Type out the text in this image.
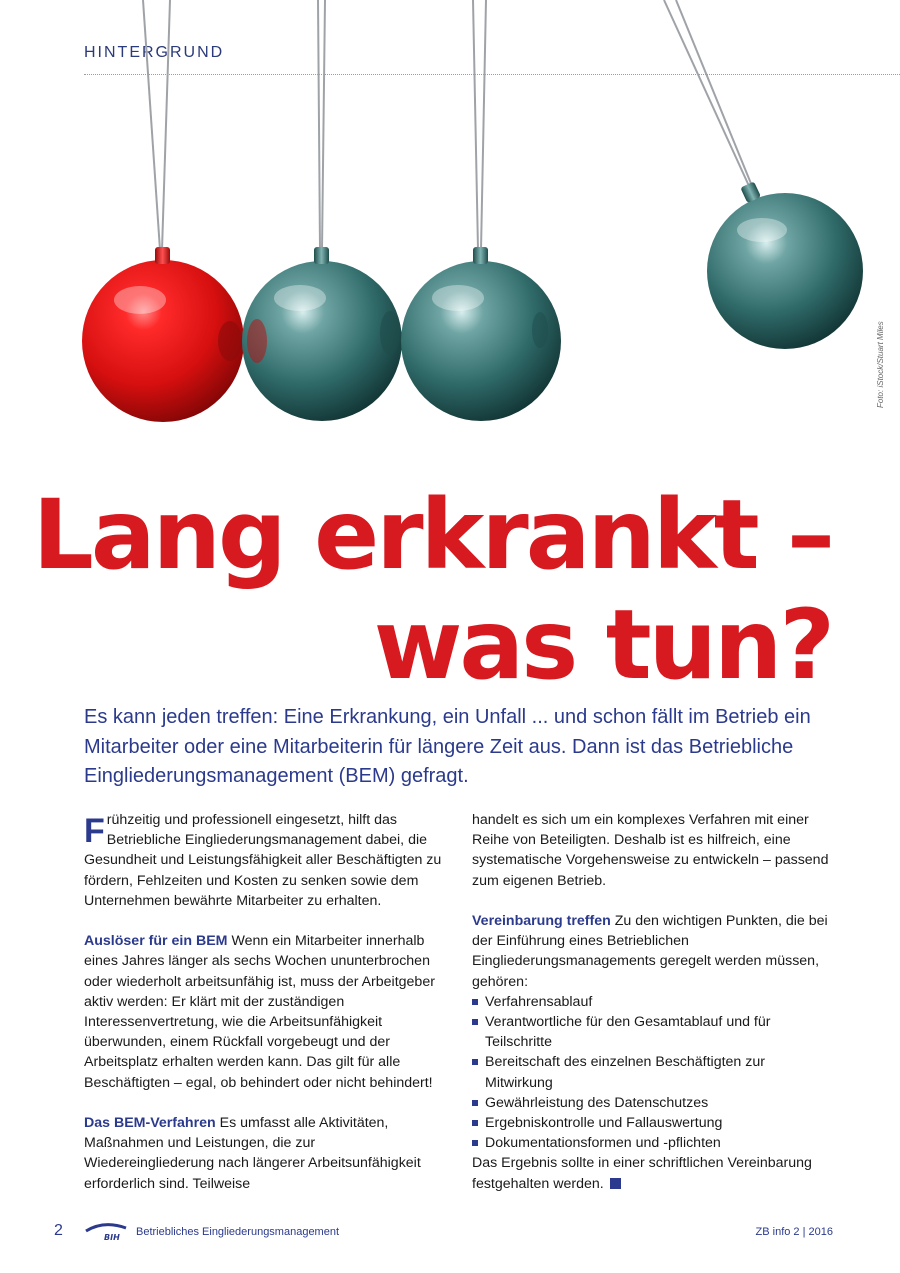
HINTERGRUND
Foto: iStock/Stuart Miles
Lang erkrankt –
was tun?

Es kann jeden treffen: Eine Erkrankung, ein Unfall ... und schon fällt im Betrieb ein Mitarbeiter oder eine Mitarbeiterin für längere Zeit aus. Dann ist das Betriebliche Eingliederungsmanagement (BEM) gefragt.

Frühzeitig und professionell eingesetzt, hilft das Betriebliche Eingliederungsmanagement dabei, die Gesundheit und Leistungsfähigkeit aller Beschäftigten zu fördern, Fehlzeiten und Kosten zu senken sowie dem Unternehmen bewährte Mitarbeiter zu erhalten.

Auslöser für ein BEM Wenn ein Mitarbeiter innerhalb eines Jahres länger als sechs Wochen ununterbrochen oder wiederholt arbeitsunfähig ist, muss der Arbeitgeber aktiv werden: Er klärt mit der zuständigen Interessenvertretung, wie die Arbeitsunfähigkeit überwunden, einem Rückfall vorgebeugt und der Arbeitsplatz erhalten werden kann. Das gilt für alle Beschäftigten – egal, ob behindert oder nicht behindert!

Das BEM-Verfahren Es umfasst alle Aktivitäten, Maßnahmen und Leistungen, die zur Wiedereingliederung nach längerer Arbeitsunfähigkeit erforderlich sind. Teilweise

handelt es sich um ein komplexes Verfahren mit einer Reihe von Beteiligten. Deshalb ist es hilfreich, eine systematische Vorgehensweise zu entwickeln – passend zum eigenen Betrieb.

Vereinbarung treffen Zu den wichtigen Punkten, die bei der Einführung eines Betrieblichen Eingliederungsmanagements geregelt werden müssen, gehören:
Verfahrensablauf
Verantwortliche für den Gesamtablauf und für Teilschritte
Bereitschaft des einzelnen Beschäftigten zur Mitwirkung
Gewährleistung des Datenschutzes
Ergebniskontrolle und Fallauswertung
Dokumentationsformen und -pflichten
Das Ergebnis sollte in einer schriftlichen Vereinbarung festgehalten werden.
2	BIH Betriebliches Eingliederungsmanagement	ZB info 2 | 2016
